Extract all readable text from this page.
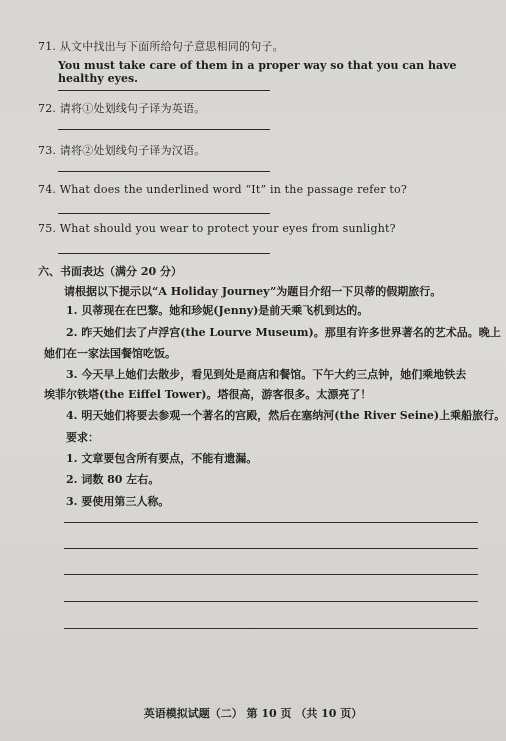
71. 从文中找出与下面所给句子意思相同的句子。
You must take care of them in a proper way so that you can have healthy eyes.
72. 请将①处划线句子译为英语。
73. 请将②处划线句子译为汉语。
74. What does the underlined word “It” in the passage refer to?
75. What should you wear to protect your eyes from sunlight?
六、书面表达（满分 20 分）
请根据以下提示以“A Holiday Journey”为题目介绍一下贝蒂的假期旅行。
1. 贝蒂现在在巴黎。她和珍妮(Jenny)是前天乘飞机到达的。
2. 昨天她们去了卢浮宫(the Lourve Museum)。那里有许多世界著名的艺术品。晚上
她们在一家法国餐馆吃饭。
3. 今天早上她们去散步，看见到处是商店和餐馆。下午大约三点钟，她们乘地铁去
埃菲尔铁塔(the Eiffel Tower)。塔很高，游客很多。太漂亮了！
4. 明天她们将要去参观一个著名的宫殿，然后在塞纳河(the River Seine)上乘船旅行。
要求：
1. 文章要包含所有要点，不能有遗漏。
2. 词数 80 左右。
3. 要使用第三人称。
英语模拟试题（二） 第 10 页 （共 10 页）
